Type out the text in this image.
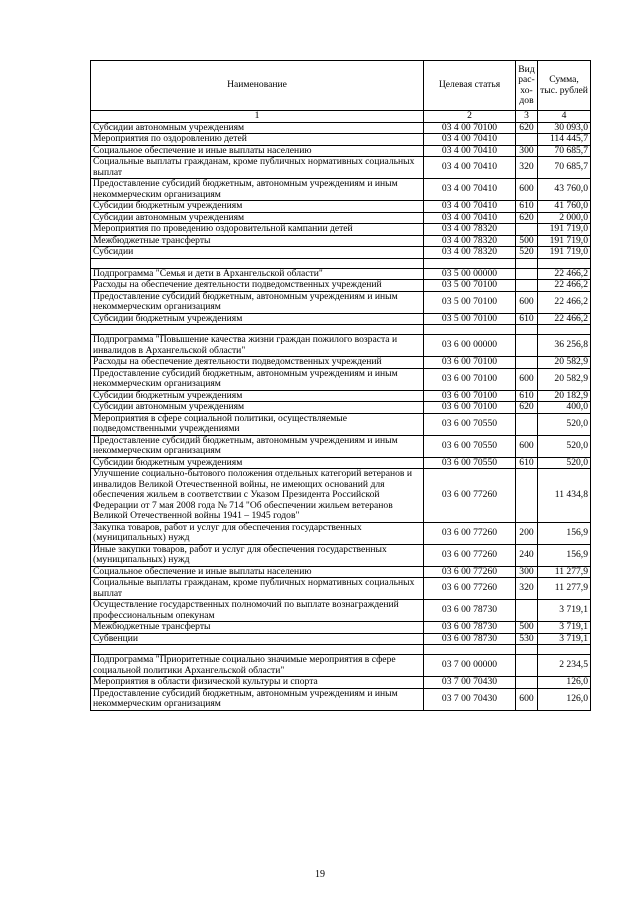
Наименование	Целевая статья	Вид рас- хо- дов	Сумма, тыс. рублей
1	2	3	4
Субсидии автономным учреждениям	03 4 00 70100	620	30 093,0
Мероприятия по оздоровлению детей	03 4 00 70410		114 445,7
Социальное обеспечение и иные выплаты населению	03 4 00 70410	300	70 685,7
Социальные выплаты гражданам, кроме публичных нормативных социальных выплат	03 4 00 70410	320	70 685,7
Предоставление субсидий бюджетным, автономным учреждениям и иным некоммерческим организациям	03 4 00 70410	600	43 760,0
Субсидии бюджетным учреждениям	03 4 00 70410	610	41 760,0
Субсидии автономным учреждениям	03 4 00 70410	620	2 000,0
Мероприятия по проведению оздоровительной кампании детей	03 4 00 78320		191 719,0
Межбюджетные трансферты	03 4 00 78320	500	191 719,0
Субсидии	03 4 00 78320	520	191 719,0

Подпрограмма "Семья и дети в Архангельской области"	03 5 00 00000		22 466,2
Расходы на обеспечение деятельности подведомственных учреждений	03 5 00 70100		22 466,2
Предоставление субсидий бюджетным, автономным учреждениям и иным некоммерческим организациям	03 5 00 70100	600	22 466,2
Субсидии бюджетным учреждениям	03 5 00 70100	610	22 466,2

Подпрограмма "Повышение качества жизни граждан пожилого возраста и инвалидов в Архангельской области"	03 6 00 00000		36 256,8
Расходы на обеспечение деятельности подведомственных учреждений	03 6 00 70100		20 582,9
Предоставление субсидий бюджетным, автономным учреждениям и иным некоммерческим организациям	03 6 00 70100	600	20 582,9
Субсидии бюджетным учреждениям	03 6 00 70100	610	20 182,9
Субсидии автономным учреждениям	03 6 00 70100	620	400,0
Мероприятия в сфере социальной политики, осуществляемые подведомственными учреждениями	03 6 00 70550		520,0
Предоставление субсидий бюджетным, автономным учреждениям и иным некоммерческим организациям	03 6 00 70550	600	520,0
Субсидии бюджетным учреждениям	03 6 00 70550	610	520,0
Улучшение социально-бытового положения отдельных категорий ветеранов и инвалидов Великой Отечественной войны, не имеющих оснований для обеспечения жильем в соответствии с Указом Президента Российской Федерации от 7 мая 2008 года № 714 "Об обеспечении жильем ветеранов Великой Отечественной войны 1941 – 1945 годов"	03 6 00 77260		11 434,8
Закупка товаров, работ и услуг для обеспечения государственных (муниципальных) нужд	03 6 00 77260	200	156,9
Иные закупки товаров, работ и услуг для обеспечения государственных (муниципальных) нужд	03 6 00 77260	240	156,9
Социальное обеспечение и иные выплаты населению	03 6 00 77260	300	11 277,9
Социальные выплаты гражданам, кроме публичных нормативных социальных выплат	03 6 00 77260	320	11 277,9
Осуществление государственных полномочий по выплате вознаграждений профессиональным опекунам	03 6 00 78730		3 719,1
Межбюджетные трансферты	03 6 00 78730	500	3 719,1
Субвенции	03 6 00 78730	530	3 719,1

Подпрограмма "Приоритетные социально значимые мероприятия в сфере социальной политики Архангельской области"	03 7 00 00000		2 234,5
Мероприятия в области физической культуры и спорта	03 7 00 70430		126,0
Предоставление субсидий бюджетным, автономным учреждениям и иным некоммерческим организациям	03 7 00 70430	600	126,0
19
